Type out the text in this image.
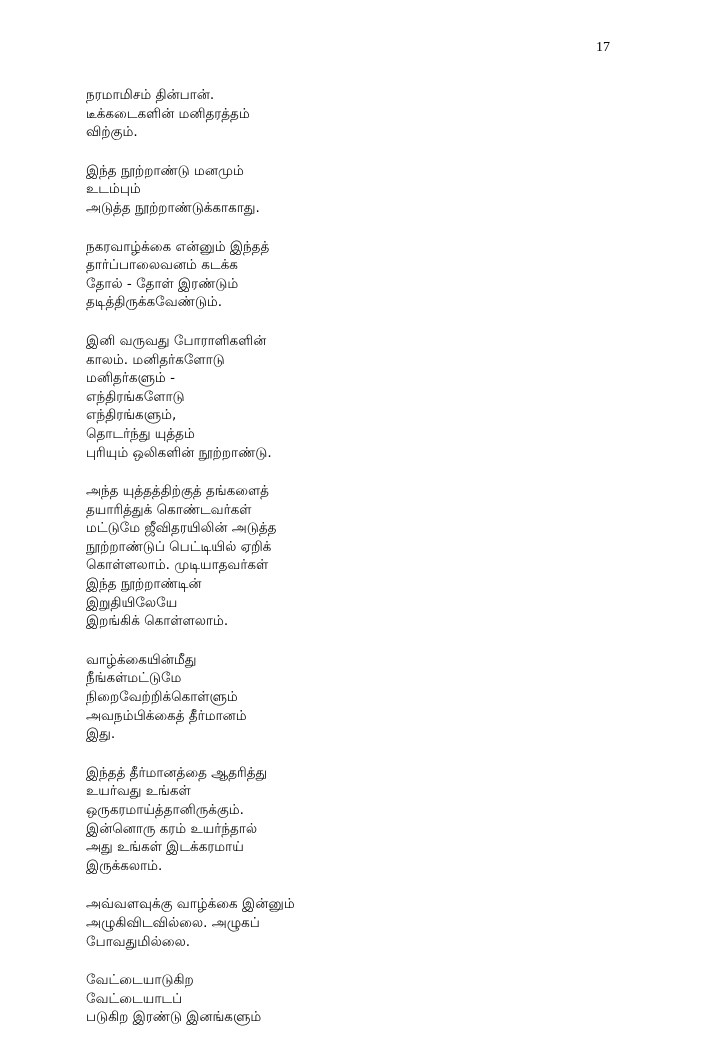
17
நரமாமிசம் தின்பான்.
டீக்கடைகளின் மனிதரத்தம்
விற்கும்.
இந்த நூற்றாண்டு மனமும்
உடம்பும்
அடுத்த நூற்றாண்டுக்காகாது.
நகரவாழ்க்கை என்னும் இந்தத்
தார்ப்பாலைவனம் கடக்க
தோல் - தோள் இரண்டும்
தடித்திருக்கவேண்டும்.
இனி வருவது போராளிகளின்
காலம். மனிதர்களோடு
மனிதர்களும் -
எந்திரங்களோடு
எந்திரங்களும்,
தொடர்ந்து யுத்தம்
புரியும் ஒலிகளின் நூற்றாண்டு.
அந்த யுத்தத்திற்குத் தங்களைத்
தயாரித்துக் கொண்டவர்கள்
மட்டுமே ஜீவிதரயிலின் அடுத்த
நூற்றாண்டுப் பெட்டியில் ஏறிக்
கொள்ளலாம். முடியாதவர்கள்
இந்த நூற்றாண்டின்
இறுதியிலேயே
இறங்கிக் கொள்ளலாம்.
வாழ்க்கையின்மீது
நீங்கள்மட்டுமே
நிறைவேற்றிக்கொள்ளும்
அவநம்பிக்கைத் தீர்மானம்
இது.
இந்தத் தீர்மானத்தை ஆதரித்து
உயர்வது உங்கள்
ஒருகரமாய்த்தானிருக்கும்.
இன்னொரு கரம் உயர்ந்தால்
அது உங்கள் இடக்கரமாய்
இருக்கலாம்.
அவ்வளவுக்கு வாழ்க்கை இன்னும்
அழுகிவிடவில்லை. அழுகப்
போவதுமில்லை.
வேட்டையாடுகிற
வேட்டையாடப்
படுகிற இரண்டு இனங்களும்
